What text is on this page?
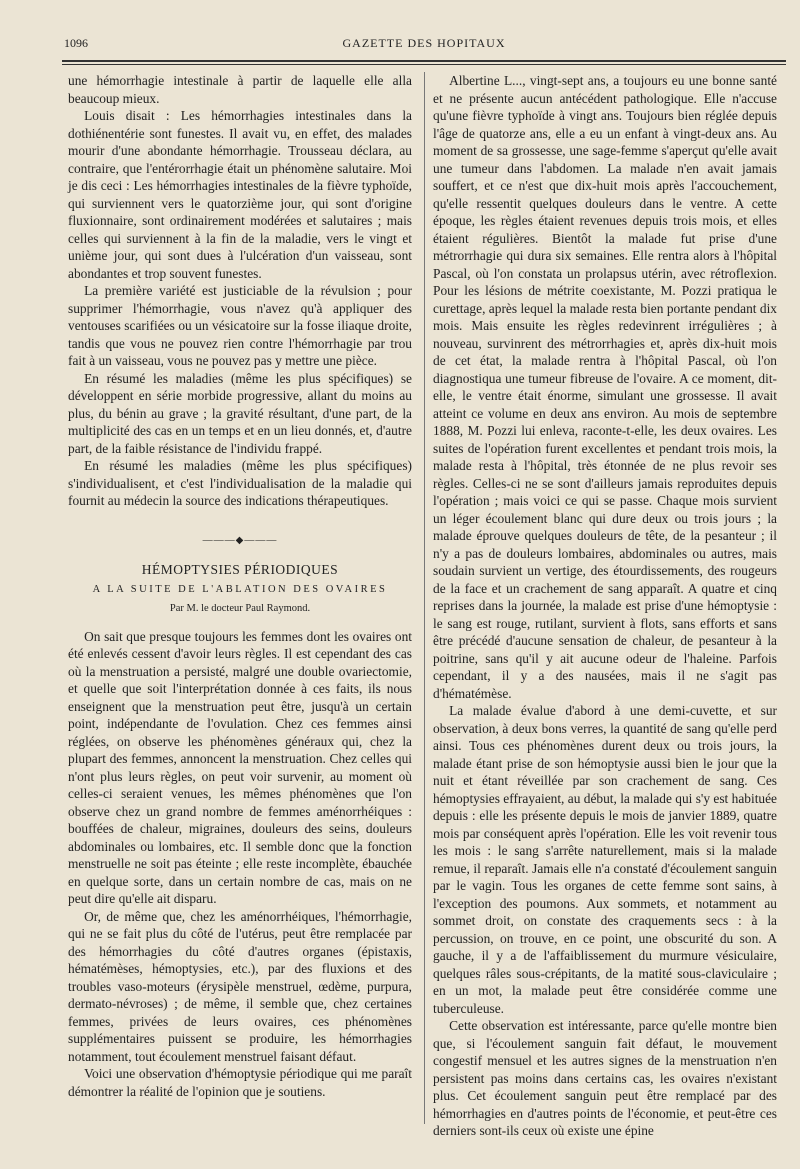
1096	GAZETTE DES HOPITAUX

une hémorrhagie intestinale à partir de laquelle elle alla beaucoup mieux.

Louis disait : Les hémorrhagies intestinales dans la dothiénentérie sont funestes. Il avait vu, en effet, des malades mourir d'une abondante hémorrhagie. Trousseau déclara, au contraire, que l'entérorrhagie était un phénomène salutaire. Moi je dis ceci : Les hémorrhagies intestinales de la fièvre typhoïde, qui surviennent vers le quatorzième jour, qui sont d'origine fluxionnaire, sont ordinairement modérées et salutaires ; mais celles qui surviennent à la fin de la maladie, vers le vingt et unième jour, qui sont dues à l'ulcération d'un vaisseau, sont abondantes et trop souvent funestes.

La première variété est justiciable de la révulsion ; pour supprimer l'hémorrhagie, vous n'avez qu'à appliquer des ventouses scarifiées ou un vésicatoire sur la fosse iliaque droite, tandis que vous ne pouvez rien contre l'hémorrhagie par trou fait à un vaisseau, vous ne pouvez pas y mettre une pièce.

En résumé les maladies (même les plus spécifiques) se développent en série morbide progressive, allant du moins au plus, du bénin au grave ; la gravité résultant, d'une part, de la multiplicité des cas en un temps et en un lieu donnés, et, d'autre part, de la faible résistance de l'individu frappé.

En résumé les maladies (même les plus spécifiques) s'individualisent, et c'est l'individualisation de la maladie qui fournit au médecin la source des indications thérapeutiques.

———◆———
HÉMOPTYSIES PÉRIODIQUES
A LA SUITE DE L'ABLATION DES OVAIRES
Par M. le docteur Paul Raymond.

On sait que presque toujours les femmes dont les ovaires ont été enlevés cessent d'avoir leurs règles. Il est cependant des cas où la menstruation a persisté, malgré une double ovariectomie, et quelle que soit l'interprétation donnée à ces faits, ils nous enseignent que la menstruation peut être, jusqu'à un certain point, indépendante de l'ovulation. Chez ces femmes ainsi réglées, on observe les phénomènes généraux qui, chez la plupart des femmes, annoncent la menstruation. Chez celles qui n'ont plus leurs règles, on peut voir survenir, au moment où celles-ci seraient venues, les mêmes phénomènes que l'on observe chez un grand nombre de femmes aménorrhéiques : bouffées de chaleur, migraines, douleurs des seins, douleurs abdominales ou lombaires, etc. Il semble donc que la fonction menstruelle ne soit pas éteinte ; elle reste incomplète, ébauchée en quelque sorte, dans un certain nombre de cas, mais on ne peut dire qu'elle ait disparu.

Or, de même que, chez les aménorrhéiques, l'hémorrhagie, qui ne se fait plus du côté de l'utérus, peut être remplacée par des hémorrhagies du côté d'autres organes (épistaxis, hématémèses, hémoptysies, etc.), par des fluxions et des troubles vaso-moteurs (érysipèle menstruel, œdème, purpura, dermato-névroses) ; de même, il semble que, chez certaines femmes, privées de leurs ovaires, ces phénomènes supplémentaires puissent se produire, les hémorrhagies notamment, tout écoulement menstruel faisant défaut.

Voici une observation d'hémoptysie périodique qui me paraît démontrer la réalité de l'opinion que je soutiens.

Albertine L..., vingt-sept ans, a toujours eu une bonne santé et ne présente aucun antécédent pathologique. Elle n'accuse qu'une fièvre typhoïde à vingt ans. Toujours bien réglée depuis l'âge de quatorze ans, elle a eu un enfant à vingt-deux ans. Au moment de sa grossesse, une sage-femme s'aperçut qu'elle avait une tumeur dans l'abdomen. La malade n'en avait jamais souffert, et ce n'est que dix-huit mois après l'accouchement, qu'elle ressentit quelques douleurs dans le ventre. A cette époque, les règles étaient revenues depuis trois mois, et elles étaient régulières. Bientôt la malade fut prise d'une métrorrhagie qui dura six semaines. Elle rentra alors à l'hôpital Pascal, où l'on constata un prolapsus utérin, avec rétroflexion. Pour les lésions de métrite coexistante, M. Pozzi pratiqua le curettage, après lequel la malade resta bien portante pendant dix mois. Mais ensuite les règles redevinrent irrégulières ; à nouveau, survinrent des métrorrhagies et, après dix-huit mois de cet état, la malade rentra à l'hôpital Pascal, où l'on diagnostiqua une tumeur fibreuse de l'ovaire. A ce moment, dit-elle, le ventre était énorme, simulant une grossesse. Il avait atteint ce volume en deux ans environ. Au mois de septembre 1888, M. Pozzi lui enleva, raconte-t-elle, les deux ovaires. Les suites de l'opération furent excellentes et pendant trois mois, la malade resta à l'hôpital, très étonnée de ne plus revoir ses règles. Celles-ci ne se sont d'ailleurs jamais reproduites depuis l'opération ; mais voici ce qui se passe. Chaque mois survient un léger écoulement blanc qui dure deux ou trois jours ; la malade éprouve quelques douleurs de tête, de la pesanteur ; il n'y a pas de douleurs lombaires, abdominales ou autres, mais soudain survient un vertige, des étourdissements, des rougeurs de la face et un crachement de sang apparaît. A quatre et cinq reprises dans la journée, la malade est prise d'une hémoptysie : le sang est rouge, rutilant, survient à flots, sans efforts et sans être précédé d'aucune sensation de chaleur, de pesanteur à la poitrine, sans qu'il y ait aucune odeur de l'haleine. Parfois cependant, il y a des nausées, mais il ne s'agit pas d'hématémèse.

La malade évalue d'abord à une demi-cuvette, et sur observation, à deux bons verres, la quantité de sang qu'elle perd ainsi. Tous ces phénomènes durent deux ou trois jours, la malade étant prise de son hémoptysie aussi bien le jour que la nuit et étant réveillée par son crachement de sang. Ces hémoptysies effrayaient, au début, la malade qui s'y est habituée depuis : elle les présente depuis le mois de janvier 1889, quatre mois par conséquent après l'opération. Elle les voit revenir tous les mois : le sang s'arrête naturellement, mais si la malade remue, il reparaît. Jamais elle n'a constaté d'écoulement sanguin par le vagin. Tous les organes de cette femme sont sains, à l'exception des poumons. Aux sommets, et notamment au sommet droit, on constate des craquements secs : à la percussion, on trouve, en ce point, une obscurité du son. A gauche, il y a de l'affaiblissement du murmure vésiculaire, quelques râles sous-crépitants, de la matité sous-claviculaire ; en un mot, la malade peut être considérée comme une tuberculeuse.

Cette observation est intéressante, parce qu'elle montre bien que, si l'écoulement sanguin fait défaut, le mouvement congestif mensuel et les autres signes de la menstruation n'en persistent pas moins dans certains cas, les ovaires n'existant plus. Cet écoulement sanguin peut être remplacé par des hémorrhagies en d'autres points de l'économie, et peut-être ces derniers sont-ils ceux où existe une épine
